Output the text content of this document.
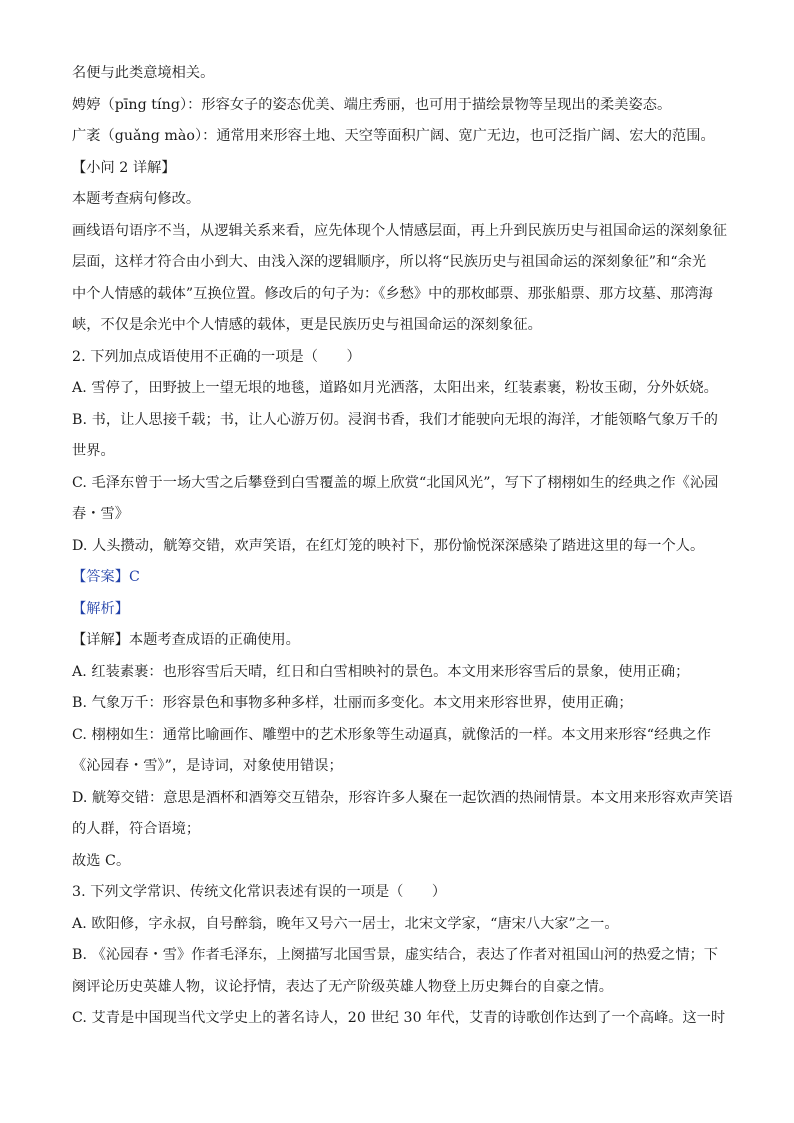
名便与此类意境相关。
娉婷（pīng tíng）：形容女子的姿态优美、端庄秀丽，也可用于描绘景物等呈现出的柔美姿态。
广袤（guǎng mào）：通常用来形容土地、天空等面积广阔、宽广无边，也可泛指广阔、宏大的范围。
【小问 2 详解】
本题考查病句修改。
画线语句语序不当，从逻辑关系来看，应先体现个人情感层面，再上升到民族历史与祖国命运的深刻象征
层面，这样才符合由小到大、由浅入深的逻辑顺序，所以将“民族历史与祖国命运的深刻象征”和“余光
中个人情感的载体”互换位置。修改后的句子为：《乡愁》中的那枚邮票、那张船票、那方坟墓、那湾海
峡，不仅是余光中个人情感的载体，更是民族历史与祖国命运的深刻象征。
2. 下列加点成语使用不正确的一项是（　　）
A. 雪停了，田野披上一望无垠的地毯，道路如月光洒落，太阳出来，红装素裹，粉妆玉砌，分外妖娆。
B. 书，让人思接千载；书，让人心游万仞。浸润书香，我们才能驶向无垠的海洋，才能领略气象万千的
世界。
C. 毛泽东曾于一场大雪之后攀登到白雪覆盖的塬上欣赏“北国风光”，写下了栩栩如生的经典之作《沁园
春・雪》
D. 人头攒动，觥筹交错，欢声笑语，在红灯笼的映衬下，那份愉悦深深感染了踏进这里的每一个人。
【答案】C
【解析】
【详解】本题考查成语的正确使用。
A. 红装素裹：也形容雪后天晴，红日和白雪相映衬的景色。本文用来形容雪后的景象，使用正确；
B. 气象万千：形容景色和事物多种多样，壮丽而多变化。本文用来形容世界，使用正确；
C. 栩栩如生：通常比喻画作、雕塑中的艺术形象等生动逼真，就像活的一样。本文用来形容“经典之作
《沁园春・雪》”，是诗词，对象使用错误；
D. 觥筹交错：意思是酒杯和酒筹交互错杂，形容许多人聚在一起饮酒的热闹情景。本文用来形容欢声笑语
的人群，符合语境；
故选 C。
3. 下列文学常识、传统文化常识表述有误的一项是（　　）
A. 欧阳修，字永叔，自号醉翁，晚年又号六一居士，北宋文学家，“唐宋八大家”之一。
B. 《沁园春・雪》作者毛泽东，上阕描写北国雪景，虚实结合，表达了作者对祖国山河的热爱之情；下
阕评论历史英雄人物，议论抒情，表达了无产阶级英雄人物登上历史舞台的自豪之情。
C. 艾青是中国现当代文学史上的著名诗人，20 世纪 30 年代，艾青的诗歌创作达到了一个高峰。这一时
